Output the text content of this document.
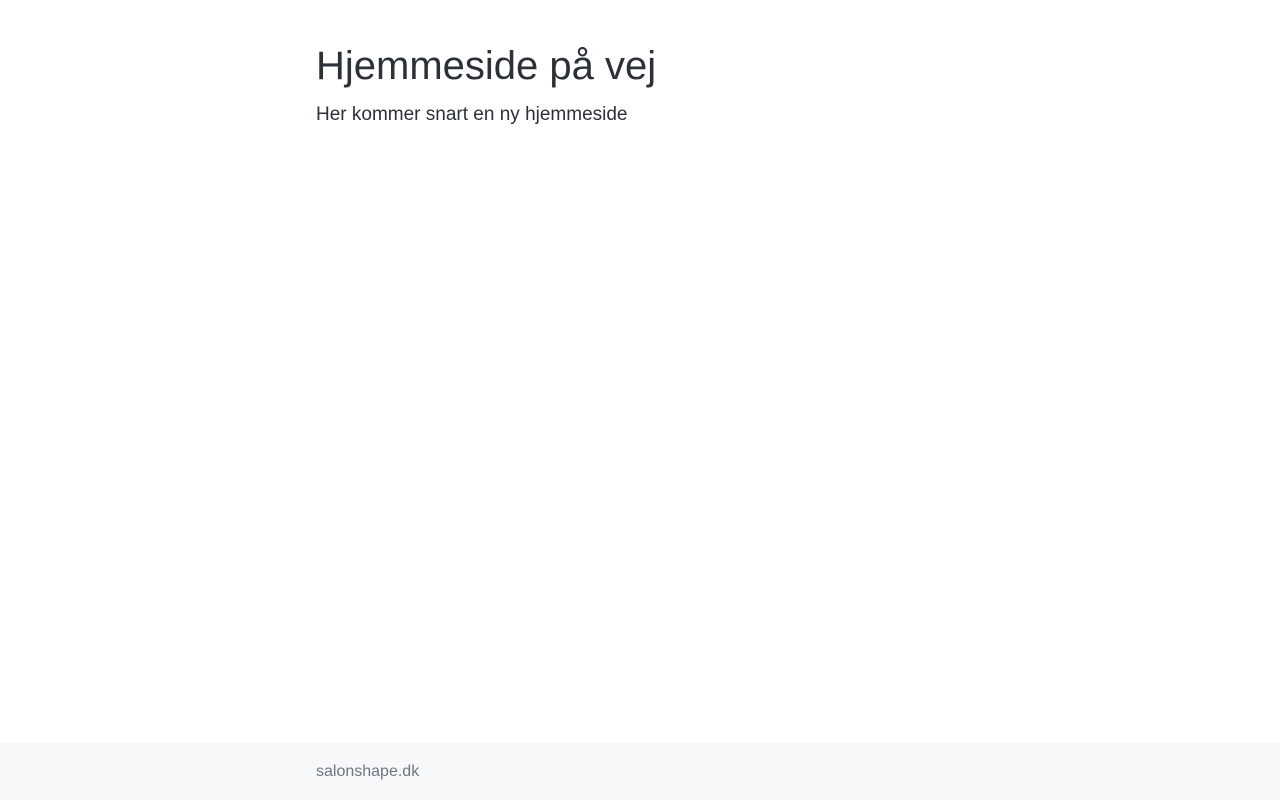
Hjemmeside på vej

Her kommer snart en ny hjemmeside

salonshape.dk
